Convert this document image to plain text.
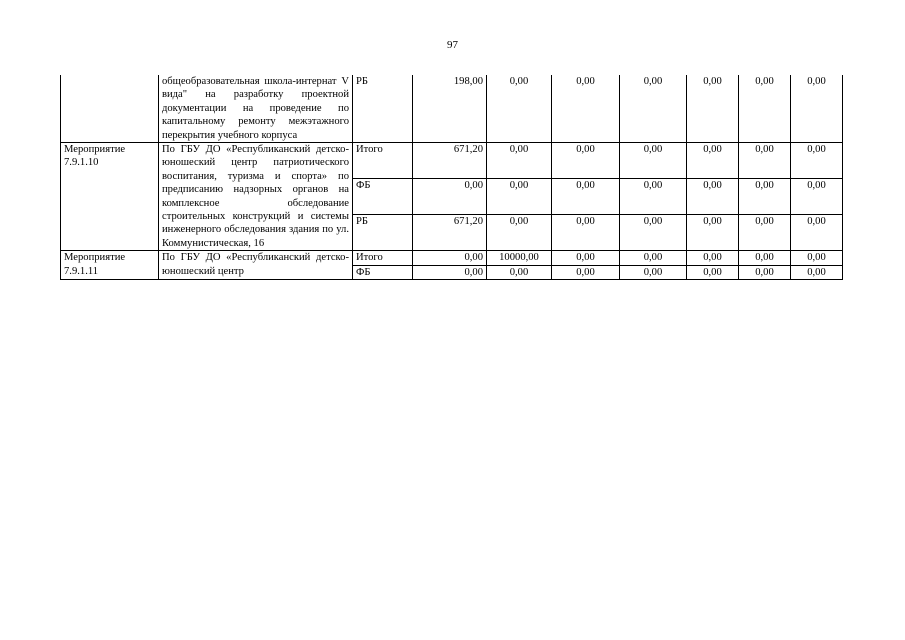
97
	общеобразовательная школа-интернат V вида" на разработку проектной документации на проведение по капитальному ремонту межэтажного перекрытия учебного корпуса	РБ	198,00	0,00	0,00	0,00	0,00	0,00	0,00
Мероприятие 7.9.1.10	По ГБУ ДО «Республиканский детско-юношеский центр патриотического воспитания, туризма и спорта» по предписанию надзорных органов на комплексное обследование строительных конструкций и системы инженерного обследования здания по ул. Коммунистическая, 16	Итого	671,20	0,00	0,00	0,00	0,00	0,00	0,00
		ФБ	0,00	0,00	0,00	0,00	0,00	0,00	0,00
		РБ	671,20	0,00	0,00	0,00	0,00	0,00	0,00
Мероприятие 7.9.1.11	По ГБУ ДО «Республиканский детско-юношеский центр	Итого	0,00	10000,00	0,00	0,00	0,00	0,00	0,00
		ФБ	0,00	0,00	0,00	0,00	0,00	0,00	0,00
